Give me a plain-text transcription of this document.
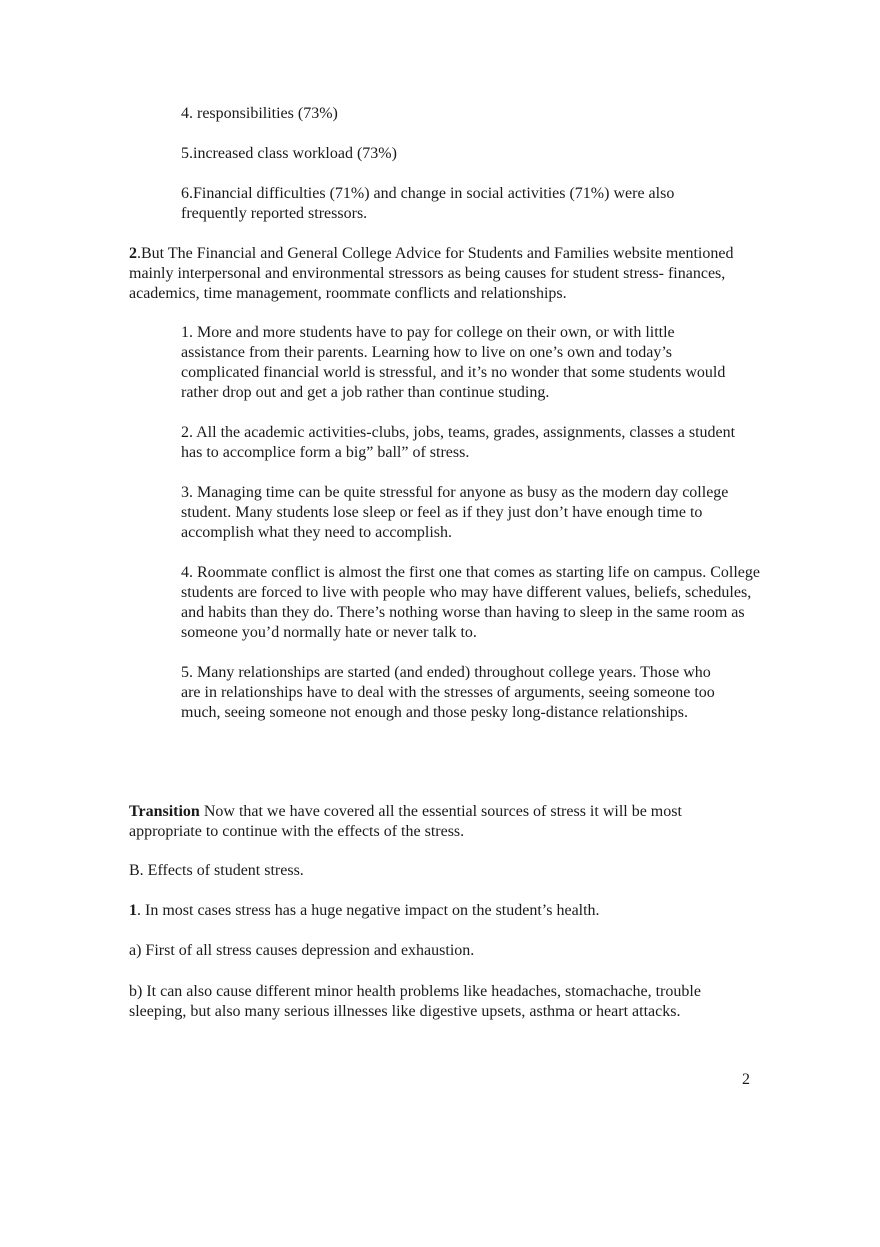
4. responsibilities (73%)

5.increased class workload (73%)

6.Financial difficulties (71%) and change in social activities (71%) were also frequently reported stressors.

2.But The Financial and General College Advice for Students and Families website mentioned mainly interpersonal and environmental stressors as being causes for student stress- finances, academics, time management, roommate conflicts and relationships.

1. More and more students have to pay for college on their own, or with little assistance from their parents. Learning how to live on one’s own and today’s complicated financial world is stressful, and it’s no wonder that some students would rather drop out and get a job rather than continue studing.

2. All the academic activities-clubs, jobs, teams, grades, assignments, classes a student has to accomplice form a big” ball” of stress.

3. Managing time can be quite stressful for anyone as busy as the modern day college student. Many students lose sleep or feel as if they just don’t have enough time to accomplish what they need to accomplish.

4. Roommate conflict is almost the first one that comes as starting life on campus. College students are forced to live with people who may have different values, beliefs, schedules, and habits than they do. There’s nothing worse than having to sleep in the same room as someone you’d normally hate or never talk to.

5. Many relationships are started (and ended) throughout college years. Those who are in relationships have to deal with the stresses of arguments, seeing someone too much, seeing someone not enough and those pesky long-distance relationships.

Transition Now that we have covered all the essential sources of stress it will be most appropriate to continue with the effects of the stress.

B. Effects of student stress.

1. In most cases stress has a huge negative impact on the student’s health.

a) First of all stress causes depression and exhaustion.

b) It can also cause different minor health problems like headaches, stomachache, trouble sleeping, but also many serious illnesses like digestive upsets, asthma or heart attacks.

2
